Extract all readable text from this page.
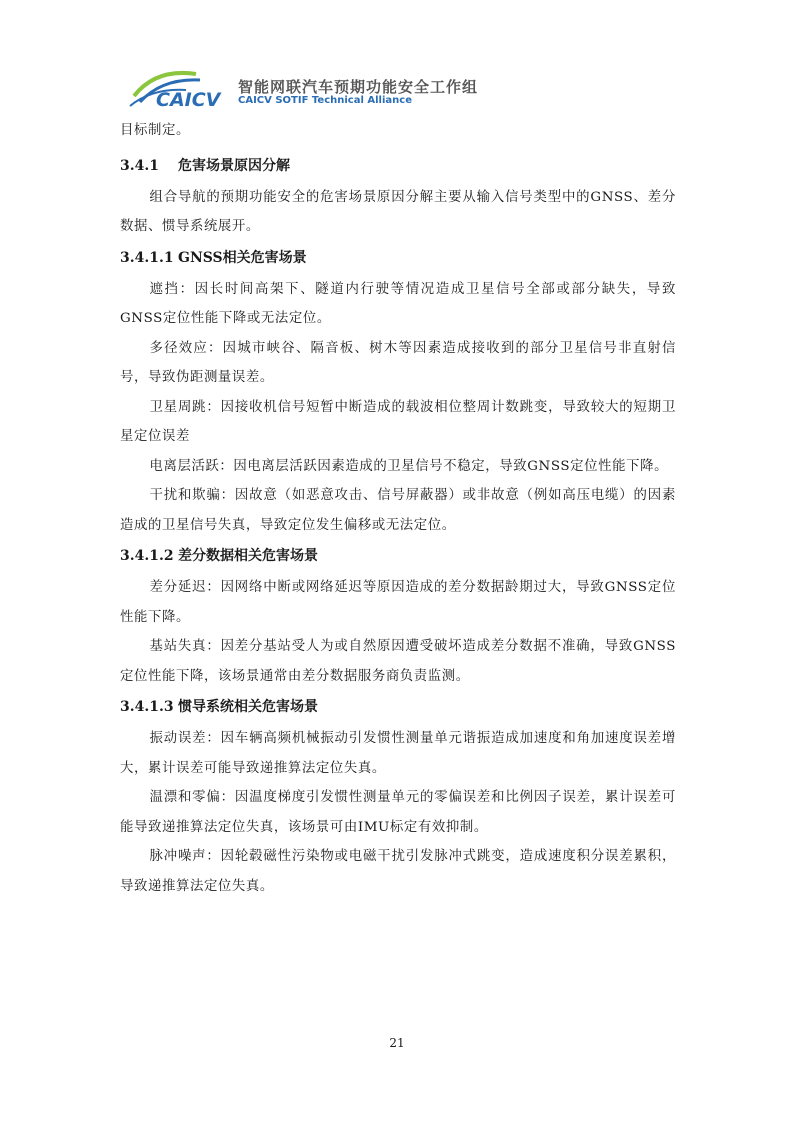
CAICV
智能网联汽车预期功能安全工作组
CAICV SOTIF Technical Alliance

目标制定。

3.4.1 危害场景原因分解

组合导航的预期功能安全的危害场景原因分解主要从输入信号类型中的GNSS、差分数据、惯导系统展开。

3.4.1.1 GNSS相关危害场景

遮挡：因长时间高架下、隧道内行驶等情况造成卫星信号全部或部分缺失，导致GNSS定位性能下降或无法定位。

多径效应：因城市峡谷、隔音板、树木等因素造成接收到的部分卫星信号非直射信号，导致伪距测量误差。

卫星周跳：因接收机信号短暂中断造成的载波相位整周计数跳变，导致较大的短期卫星定位误差

电离层活跃：因电离层活跃因素造成的卫星信号不稳定，导致GNSS定位性能下降。

干扰和欺骗：因故意（如恶意攻击、信号屏蔽器）或非故意（例如高压电缆）的因素造成的卫星信号失真，导致定位发生偏移或无法定位。

3.4.1.2 差分数据相关危害场景

差分延迟：因网络中断或网络延迟等原因造成的差分数据龄期过大，导致GNSS定位性能下降。

基站失真：因差分基站受人为或自然原因遭受破坏造成差分数据不准确，导致GNSS定位性能下降，该场景通常由差分数据服务商负责监测。

3.4.1.3 惯导系统相关危害场景

振动误差：因车辆高频机械振动引发惯性测量单元谐振造成加速度和角加速度误差增大，累计误差可能导致递推算法定位失真。

温漂和零偏：因温度梯度引发惯性测量单元的零偏误差和比例因子误差，累计误差可能导致递推算法定位失真，该场景可由IMU标定有效抑制。

脉冲噪声：因轮毂磁性污染物或电磁干扰引发脉冲式跳变，造成速度积分误差累积，导致递推算法定位失真。

21
